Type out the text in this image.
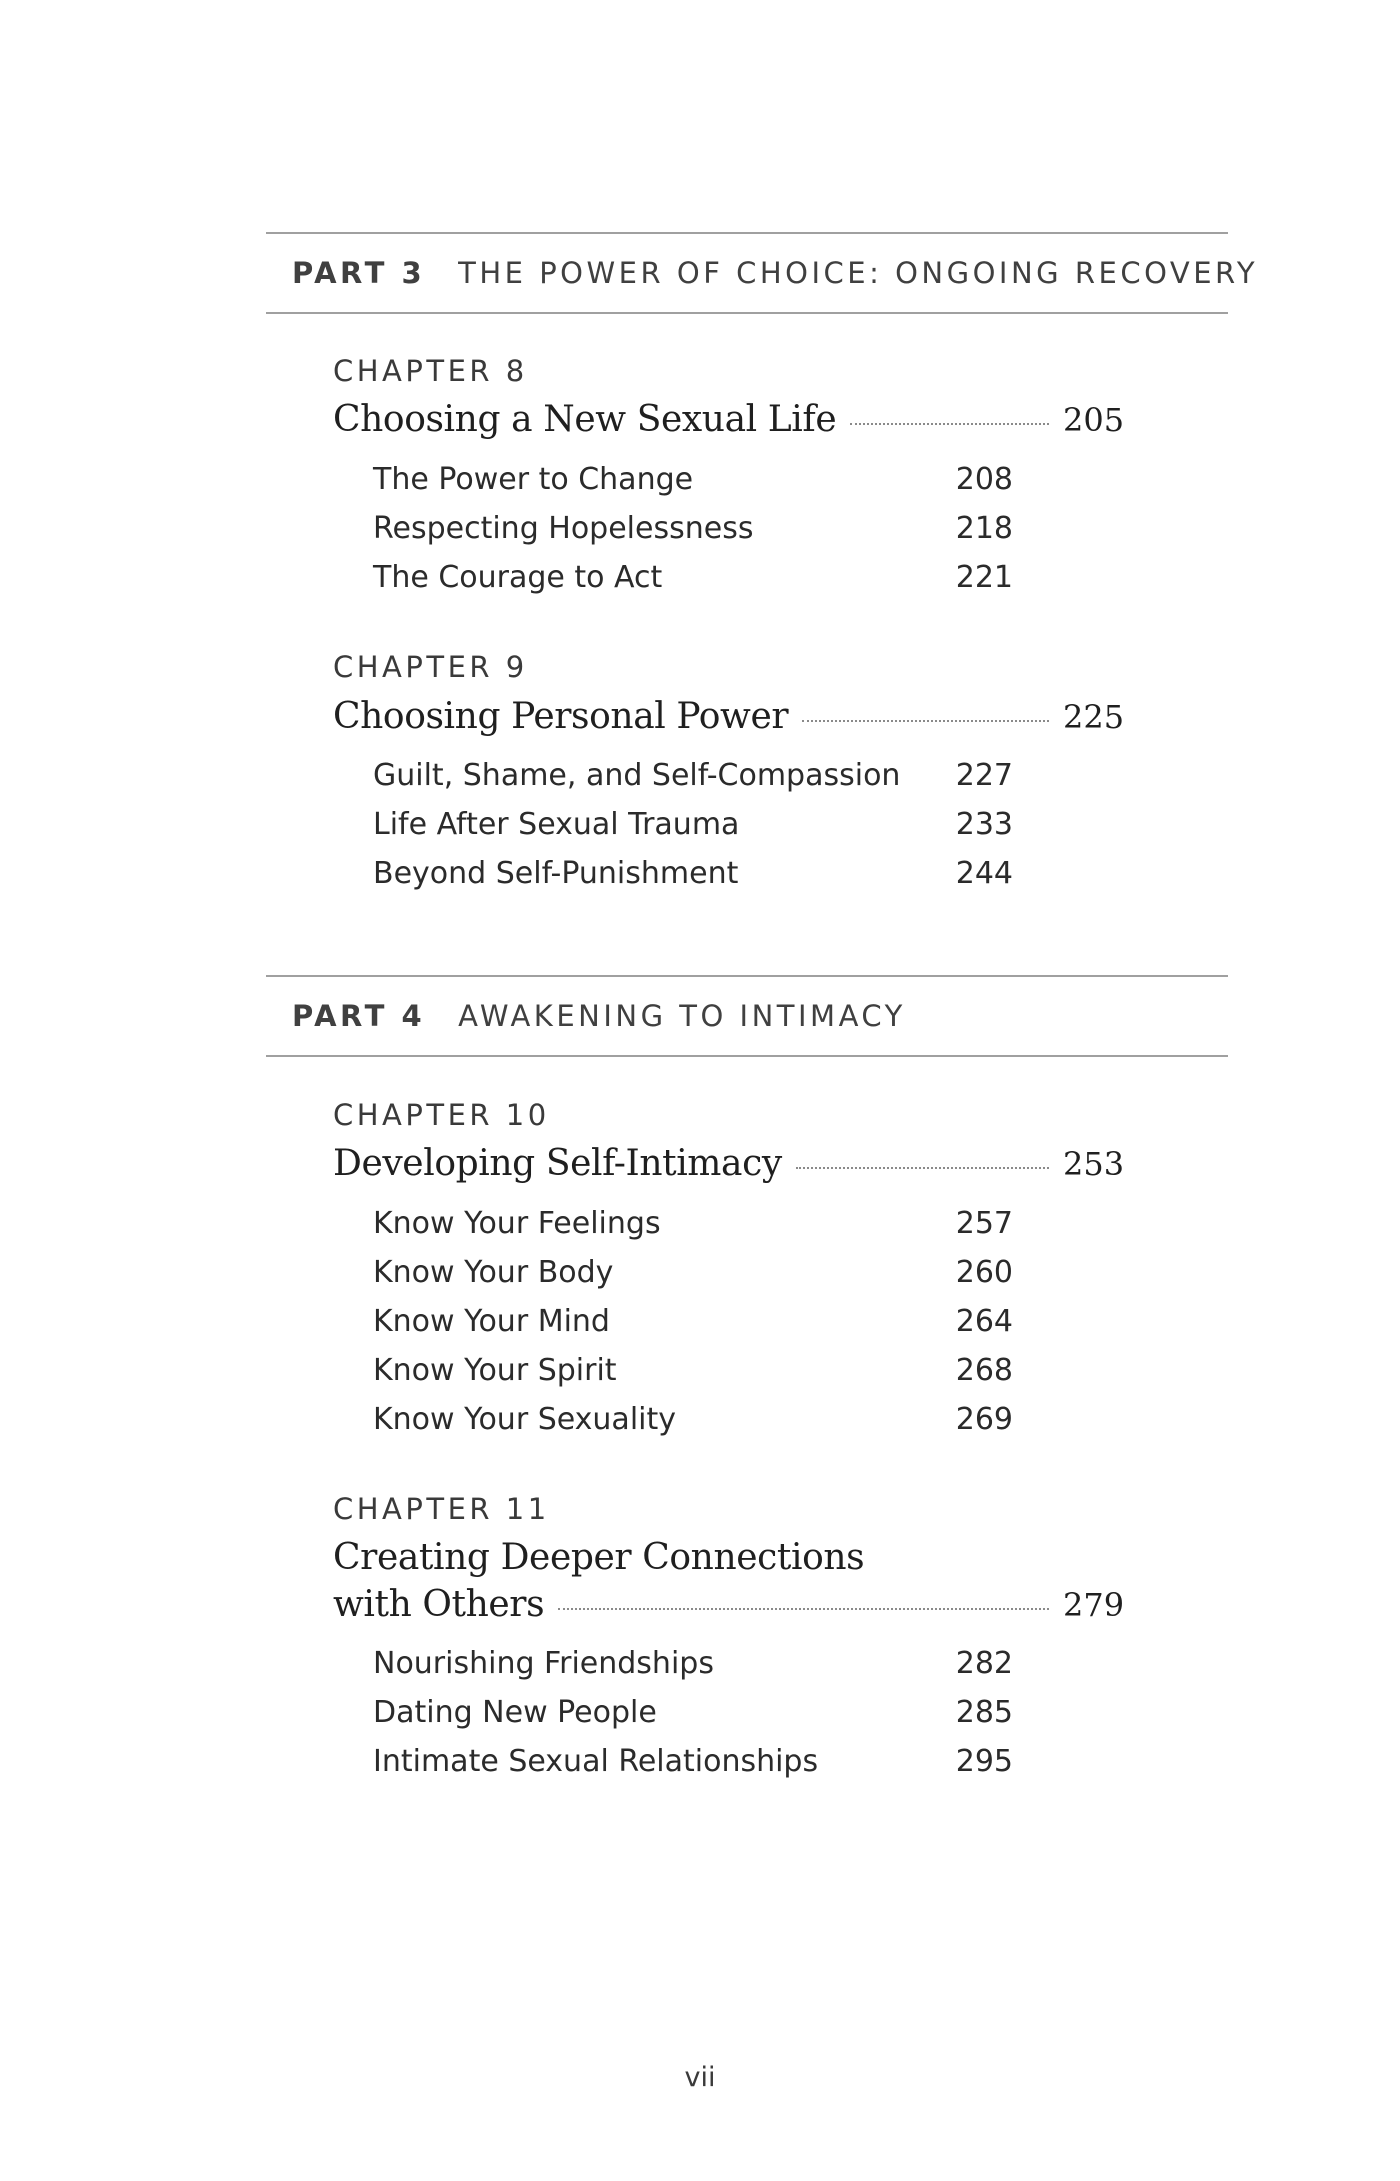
PART 3 THE POWER OF CHOICE: ONGOING RECOVERY
CHAPTER 8
Choosing a New Sexual Life	205
The Power to Change	208
Respecting Hopelessness	218
The Courage to Act	221
CHAPTER 9
Choosing Personal Power	225
Guilt, Shame, and Self-Compassion 227
Life After Sexual Trauma	233
Beyond Self-Punishment	244
PART 4 AWAKENING TO INTIMACY
CHAPTER 10
Developing Self-Intimacy	253
Know Your Feelings	257
Know Your Body	260
Know Your Mind	264
Know Your Spirit	268
Know Your Sexuality	269
CHAPTER 11
Creating Deeper Connections
with Others	279
Nourishing Friendships	282
Dating New People	285
Intimate Sexual Relationships	295
vii
